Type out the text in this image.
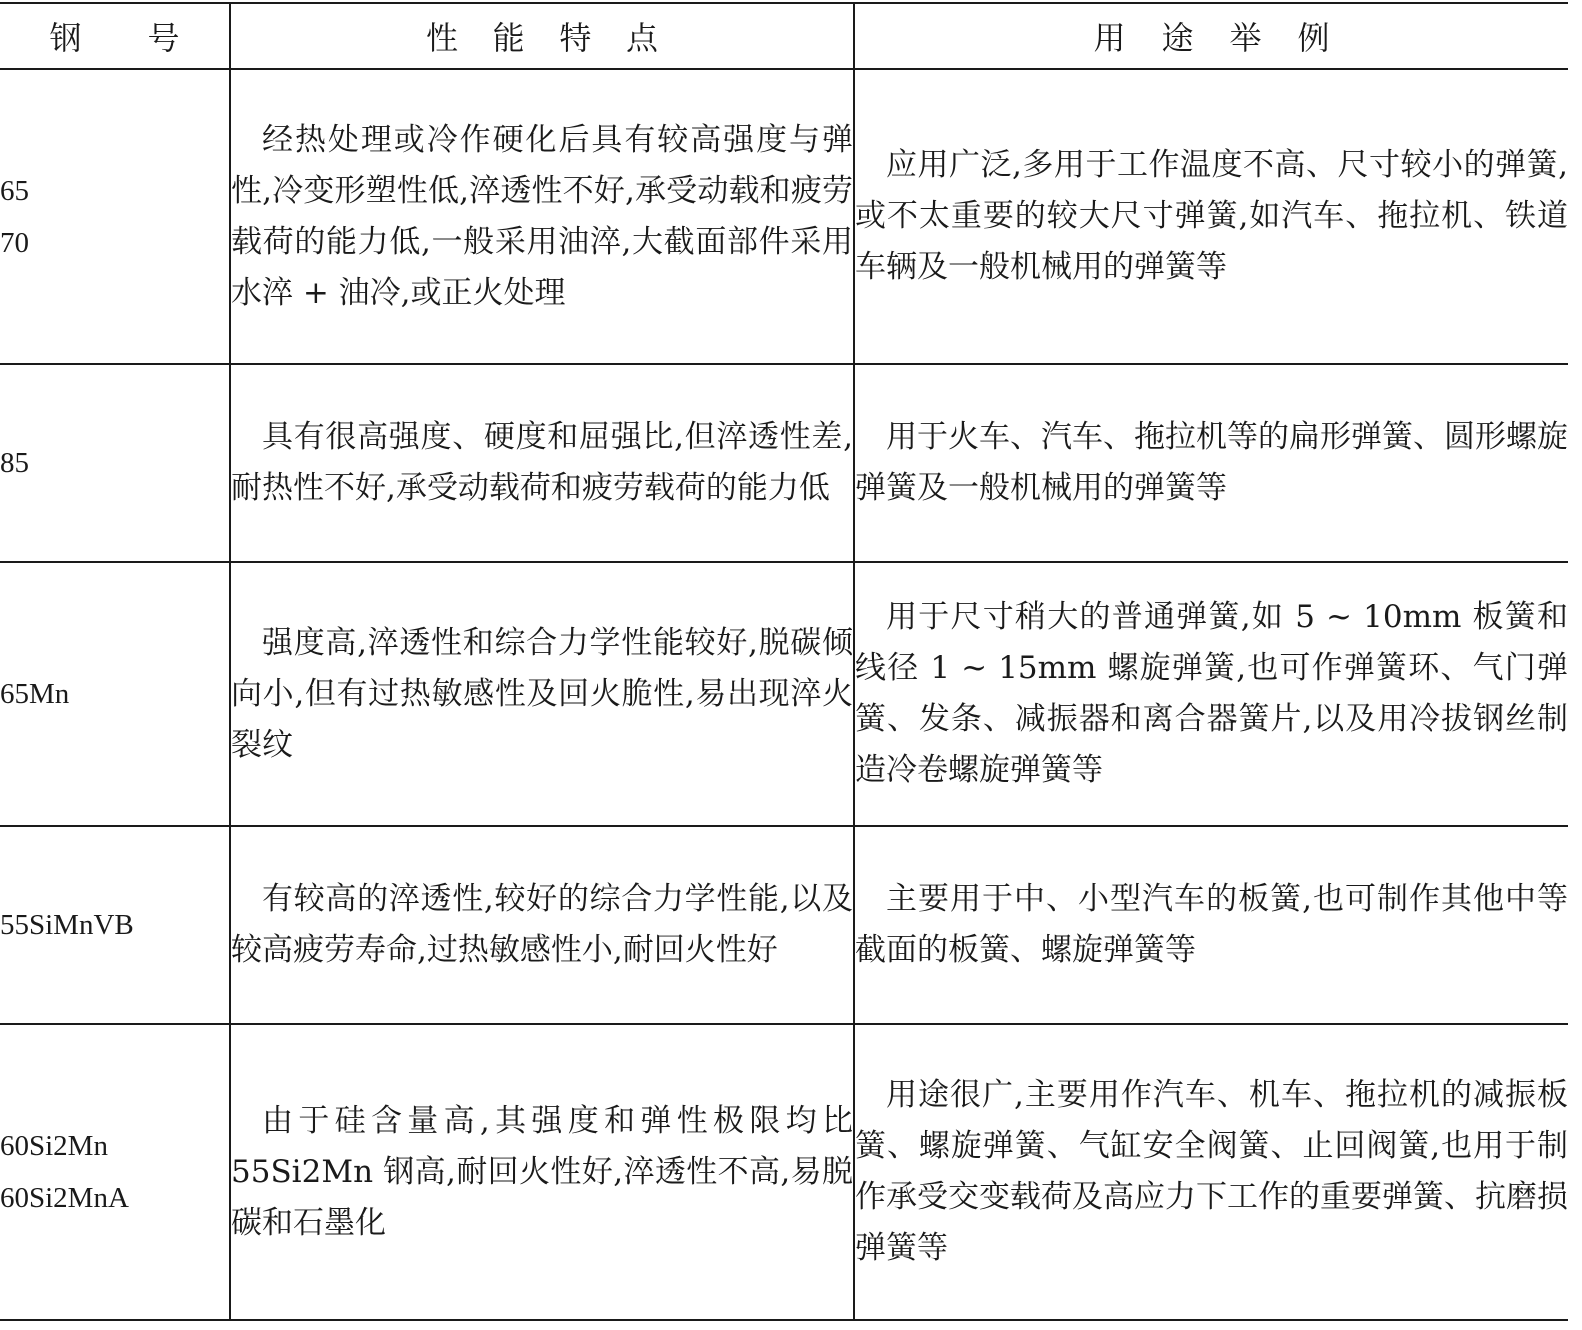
钢 号	性 能 特 点	用 途 举 例

65
70	经热处理或冷作硬化后具有较高强度与弹性,冷变形塑性低,淬透性不好,承受动载和疲劳载荷的能力低,一般采用油淬,大截面部件采用水淬 + 油冷,或正火处理	应用广泛,多用于工作温度不高、尺寸较小的弹簧,或不太重要的较大尺寸弹簧,如汽车、拖拉机、铁道车辆及一般机械用的弹簧等

85	具有很高强度、硬度和屈强比,但淬透性差,耐热性不好,承受动载荷和疲劳载荷的能力低	用于火车、汽车、拖拉机等的扁形弹簧、圆形螺旋弹簧及一般机械用的弹簧等

65Mn	强度高,淬透性和综合力学性能较好,脱碳倾向小,但有过热敏感性及回火脆性,易出现淬火裂纹	用于尺寸稍大的普通弹簧,如 5 ~ 10mm 板簧和线径 1 ~ 15mm 螺旋弹簧,也可作弹簧环、气门弹簧、发条、减振器和离合器簧片,以及用冷拔钢丝制造冷卷螺旋弹簧等

55SiMnVB	有较高的淬透性,较好的综合力学性能,以及较高疲劳寿命,过热敏感性小,耐回火性好	主要用于中、小型汽车的板簧,也可制作其他中等截面的板簧、螺旋弹簧等

60Si2Mn
60Si2MnA	由于硅含量高,其强度和弹性极限均比 55Si2Mn 钢高,耐回火性好,淬透性不高,易脱碳和石墨化	用途很广,主要用作汽车、机车、拖拉机的减振板簧、螺旋弹簧、气缸安全阀簧、止回阀簧,也用于制作承受交变载荷及高应力下工作的重要弹簧、抗磨损弹簧等
